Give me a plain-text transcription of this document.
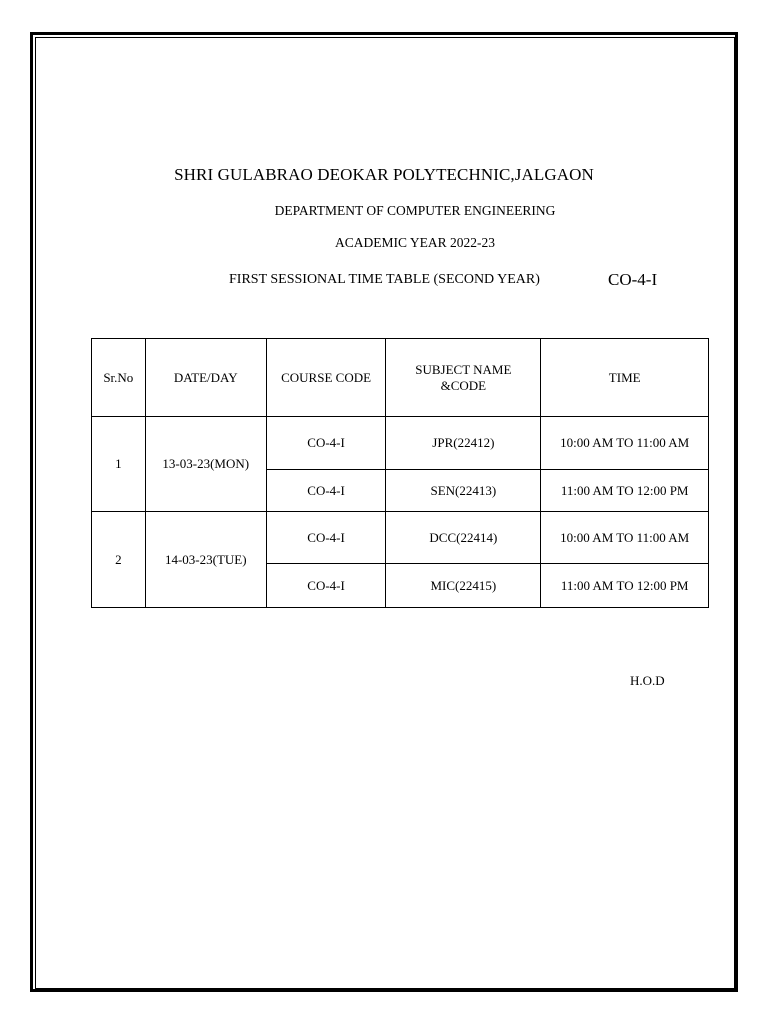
SHRI GULABRAO DEOKAR POLYTECHNIC,JALGAON
DEPARTMENT OF COMPUTER ENGINEERING
ACADEMIC YEAR 2022-23
FIRST SESSIONAL TIME TABLE (SECOND YEAR)	CO-4-I
Sr.No	DATE/DAY	COURSE CODE	SUBJECT NAME &CODE	TIME
1	13-03-23(MON)	CO-4-I	JPR(22412)	10:00 AM TO 11:00 AM
		CO-4-I	SEN(22413)	11:00 AM TO 12:00 PM
2	14-03-23(TUE)	CO-4-I	DCC(22414)	10:00 AM TO 11:00 AM
		CO-4-I	MIC(22415)	11:00 AM TO 12:00 PM
H.O.D
